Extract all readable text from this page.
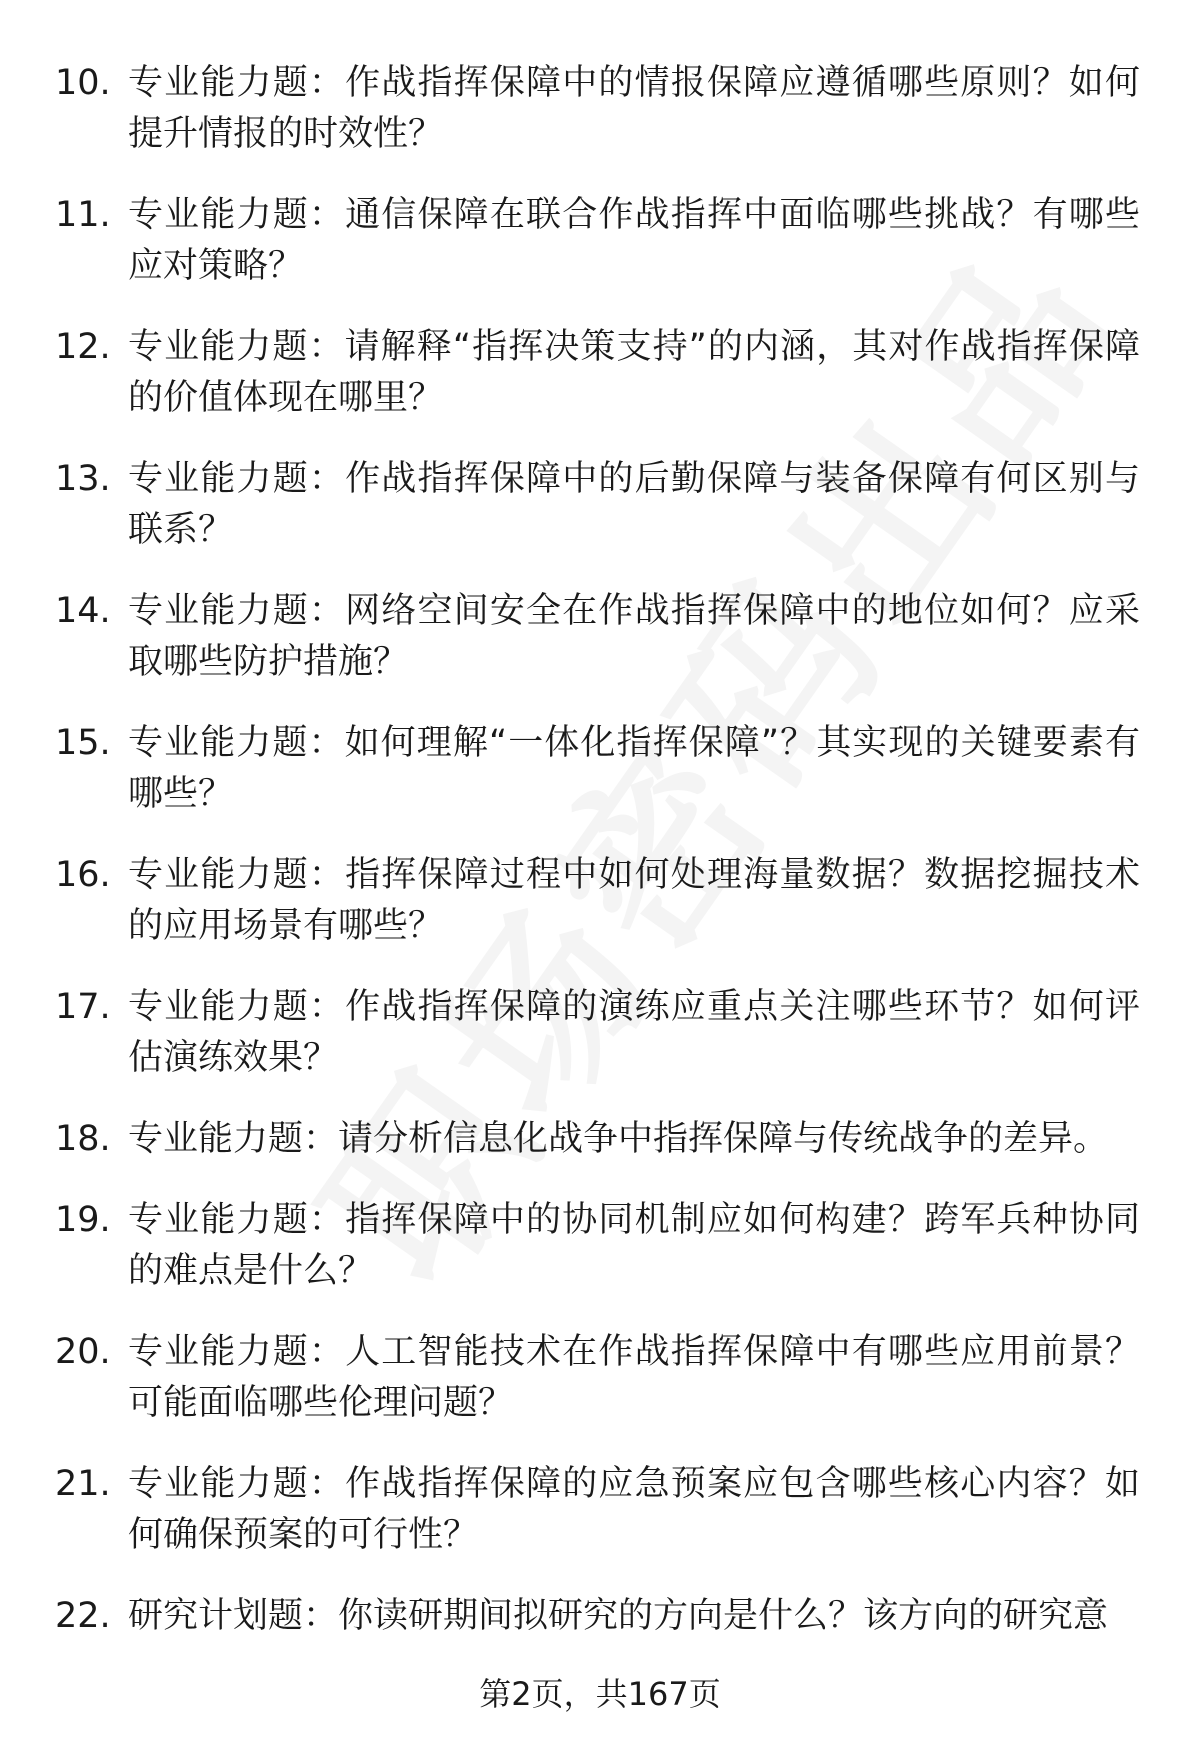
10. 专业能力题：作战指挥保障中的情报保障应遵循哪些原则？如何提升情报的时效性？
11. 专业能力题：通信保障在联合作战指挥中面临哪些挑战？有哪些应对策略？
12. 专业能力题：请解释“指挥决策支持”的内涵，其对作战指挥保障的价值体现在哪里？
13. 专业能力题：作战指挥保障中的后勤保障与装备保障有何区别与联系？
14. 专业能力题：网络空间安全在作战指挥保障中的地位如何？应采取哪些防护措施？
15. 专业能力题：如何理解“一体化指挥保障”？其实现的关键要素有哪些？
16. 专业能力题：指挥保障过程中如何处理海量数据？数据挖掘技术的应用场景有哪些？
17. 专业能力题：作战指挥保障的演练应重点关注哪些环节？如何评估演练效果？
18. 专业能力题：请分析信息化战争中指挥保障与传统战争的差异。
19. 专业能力题：指挥保障中的协同机制应如何构建？跨军兵种协同的难点是什么？
20. 专业能力题：人工智能技术在作战指挥保障中有哪些应用前景？可能面临哪些伦理问题？
21. 专业能力题：作战指挥保障的应急预案应包含哪些核心内容？如何确保预案的可行性？
22. 研究计划题：你读研期间拟研究的方向是什么？该方向的研究意
第2页，共167页
